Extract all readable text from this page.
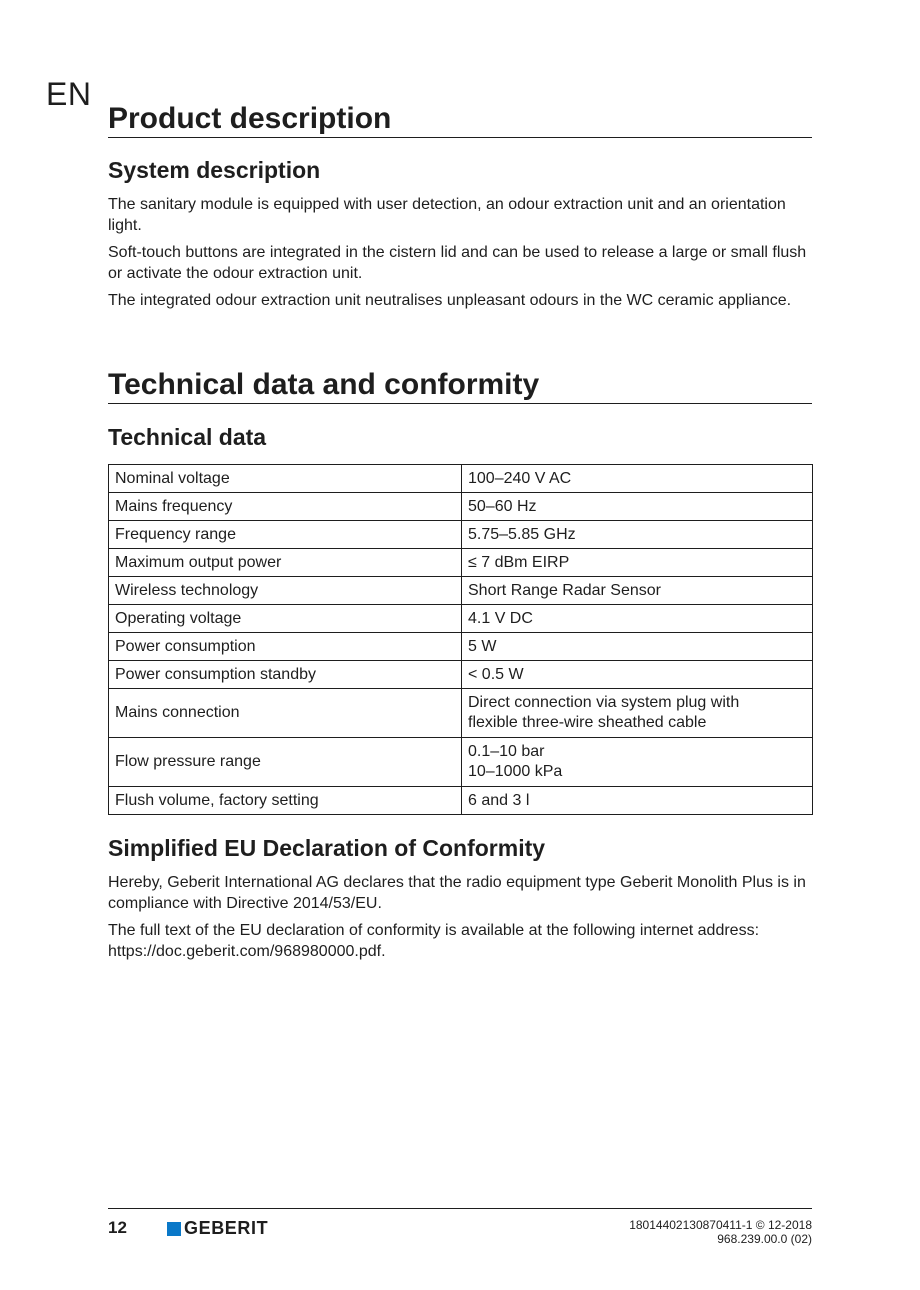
EN
Product description
System description

The sanitary module is equipped with user detection, an odour extraction unit and an orientation light.

Soft-touch buttons are integrated in the cistern lid and can be used to release a large or small flush or activate the odour extraction unit.

The integrated odour extraction unit neutralises unpleasant odours in the WC ceramic appliance.

Technical data and conformity
Technical data
Nominal voltage	100–240 V AC
Mains frequency	50–60 Hz
Frequency range	5.75–5.85 GHz
Maximum output power	≤ 7 dBm EIRP
Wireless technology	Short Range Radar Sensor
Operating voltage	4.1 V DC
Power consumption	5 W
Power consumption standby	< 0.5 W
Mains connection	Direct connection via system plug with
flexible three-wire sheathed cable

Flow pressure range	0.1–10 bar
10–1000 kPa

Flush volume, factory setting	6 and 3 l
Simplified EU Declaration of Conformity

Hereby, Geberit International AG declares that the radio equipment type Geberit Monolith Plus is in compliance with Directive 2014/53/EU.

The full text of the EU declaration of conformity is available at the following internet address: https://doc.geberit.com/968980000.pdf.

12	GEBERIT	18014402130870411-1 © 12-2018
968.239.00.0 (02)
